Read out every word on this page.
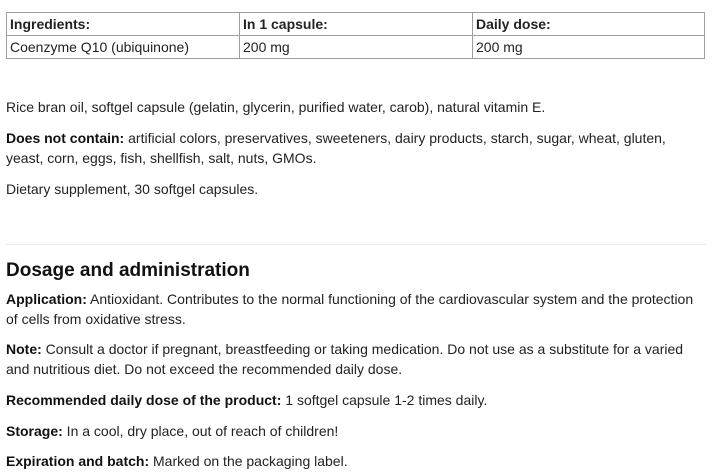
Ingredients:	In 1 capsule:	Daily dose:
Coenzyme Q10 (ubiquinone)	200 mg	200 mg

Rice bran oil, softgel capsule (gelatin, glycerin, purified water, carob), natural vitamin E.

Does not contain: artificial colors, preservatives, sweeteners, dairy products, starch, sugar, wheat, gluten, yeast, corn, eggs, fish, shellfish, salt, nuts, GMOs.

Dietary supplement, 30 softgel capsules.

Dosage and administration

Application: Antioxidant. Contributes to the normal functioning of the cardiovascular system and the protection of cells from oxidative stress.

Note: Consult a doctor if pregnant, breastfeeding or taking medication. Do not use as a substitute for a varied and nutritious diet. Do not exceed the recommended daily dose.

Recommended daily dose of the product: 1 softgel capsule 1-2 times daily.

Storage: In a cool, dry place, out of reach of children!

Expiration and batch: Marked on the packaging label.
